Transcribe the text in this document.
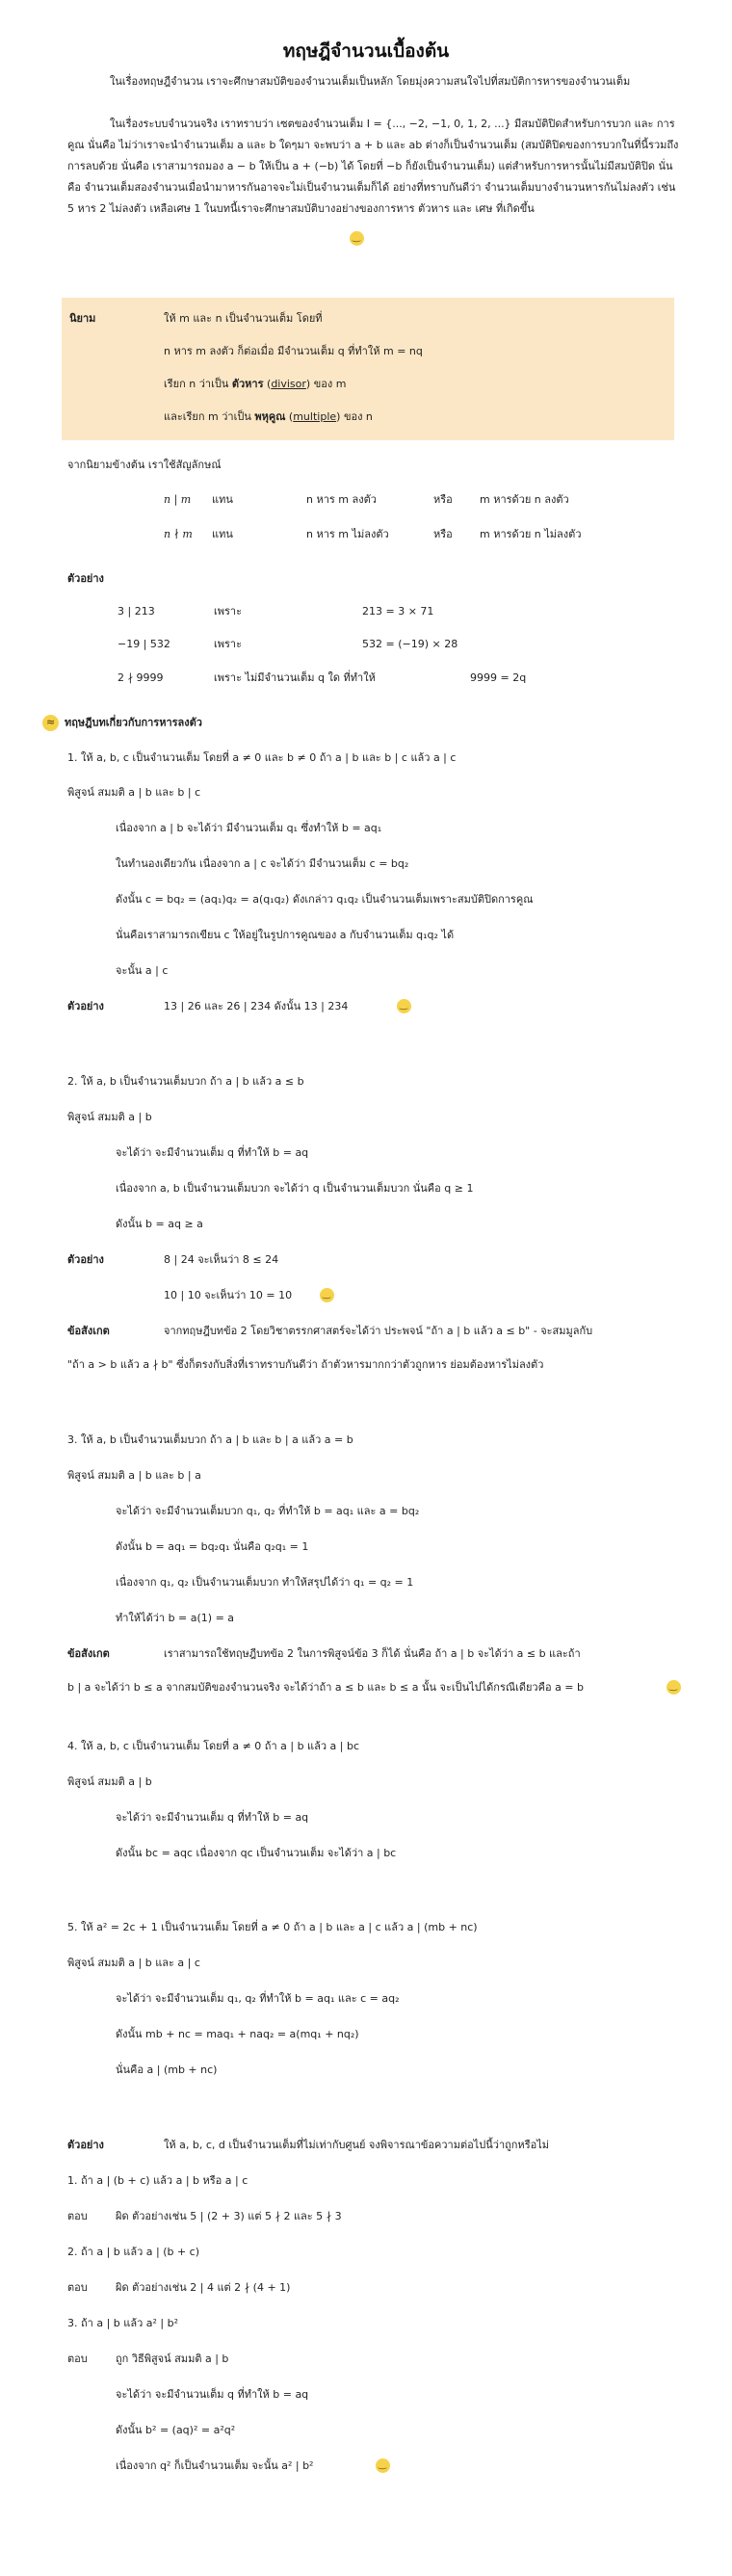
ทฤษฎีจำนวนเบื้องต้น
ในเรื่องทฤษฎีจำนวน เราจะศึกษาสมบัติของจำนวนเต็มเป็นหลัก โดยมุ่งความสนใจไปที่สมบัติการหารของจำนวนเต็ม
ในเรื่องระบบจำนวนจริง เราทราบว่า เซตของจำนวนเต็ม I = {..., −2, −1, 0, 1, 2, ...} มีสมบัติปิดสำหรับการบวก และ การคูณ นั่นคือ ไม่ว่าเราจะนำจำนวนเต็ม a และ b ใดๆมา จะพบว่า a + b และ ab ต่างก็เป็นจำนวนเต็ม (สมบัติปิดของการบวกในที่นี้รวมถึงการลบด้วย นั่นคือ เราสามารถมอง a − b ให้เป็น a + (−b) ได้ โดยที่ −b ก็ยังเป็นจำนวนเต็ม) แต่สำหรับการหารนั้นไม่มีสมบัติปิด นั่นคือ จำนวนเต็มสองจำนวนเมื่อนำมาหารกันอาจจะไม่เป็นจำนวนเต็มก็ได้ อย่างที่ทราบกันดีว่า จำนวนเต็มบางจำนวนหารกันไม่ลงตัว เช่น 5 หาร 2 ไม่ลงตัว เหลือเศษ 1 ในบทนี้เราจะศึกษาสมบัติบางอย่างของการหาร ตัวหาร และ เศษ ที่เกิดขึ้น
‿
นิยาม	ให้ m และ n เป็นจำนวนเต็ม โดยที่
n หาร m ลงตัว ก็ต่อเมื่อ มีจำนวนเต็ม q ที่ทำให้ m = nq
เรียก n ว่าเป็น ตัวหาร (divisor) ของ m
และเรียก m ว่าเป็น พหุคูณ (multiple) ของ n
จากนิยามข้างต้น เราใช้สัญลักษณ์
n | m แทน	n หาร m ลงตัว	หรือ	m หารด้วย n ลงตัว
n ∤ m แทน	n หาร m ไม่ลงตัว	หรือ	m หารด้วย n ไม่ลงตัว
ตัวอย่าง
3 | 213	เพราะ	213 = 3 × 71
−19 | 532	เพราะ	532 = (−19) × 28
2 ∤ 9999	เพราะ ไม่มีจำนวนเต็ม q ใด ที่ทำให้	9999 = 2q
≈ทฤษฎีบทเกี่ยวกับการหารลงตัว
1. ให้ a, b, c เป็นจำนวนเต็ม โดยที่ a ≠ 0 และ b ≠ 0 ถ้า a | b และ b | c แล้ว a | c
พิสูจน์ สมมติ a | b และ b | c
เนื่องจาก a | b จะได้ว่า มีจำนวนเต็ม q₁ ซึ่งทำให้ b = aq₁
ในทำนองเดียวกัน เนื่องจาก a | c จะได้ว่า มีจำนวนเต็ม c = bq₂
ดังนั้น c = bq₂ = (aq₁)q₂ = a(q₁q₂) ดังเกล่าว q₁q₂ เป็นจำนวนเต็มเพราะสมบัติปิดการคูณ
นั่นคือเราสามารถเขียน c ให้อยู่ในรูปการคูณของ a กับจำนวนเต็ม q₁q₂ ได้
จะนั้น a | c
ตัวอย่าง	13 | 26 และ 26 | 234 ดังนั้น 13 | 234
‿
2. ให้ a, b เป็นจำนวนเต็มบวก ถ้า a | b แล้ว a ≤ b
พิสูจน์ สมมติ a | b
จะได้ว่า จะมีจำนวนเต็ม q ที่ทำให้ b = aq
เนื่องจาก a, b เป็นจำนวนเต็มบวก จะได้ว่า q เป็นจำนวนเต็มบวก นั่นคือ q ≥ 1
ดังนั้น b = aq ≥ a
ตัวอย่าง	8 | 24 จะเห็นว่า 8 ≤ 24
10 | 10 จะเห็นว่า 10 = 10
‿
ข้อสังเกต	จากทฤษฎีบทข้อ 2 โดยวิชาตรรกศาสตร์จะได้ว่า ประพจน์ "ถ้า a | b แล้ว a ≤ b" - จะสมมูลกับ
"ถ้า a > b แล้ว a ∤ b" ซึ่งก็ตรงกับสิ่งที่เราทราบกันดีว่า ถ้าตัวหารมากกว่าตัวถูกหาร ย่อมต้องหารไม่ลงตัว
3. ให้ a, b เป็นจำนวนเต็มบวก ถ้า a | b และ b | a แล้ว a = b
พิสูจน์ สมมติ a | b และ b | a
จะได้ว่า จะมีจำนวนเต็มบวก q₁, q₂ ที่ทำให้ b = aq₁ และ a = bq₂
ดังนั้น b = aq₁ = bq₂q₁ นั่นคือ q₂q₁ = 1
เนื่องจาก q₁, q₂ เป็นจำนวนเต็มบวก ทำให้สรุปได้ว่า q₁ = q₂ = 1
ทำให้ได้ว่า b = a(1) = a
ข้อสังเกต	เราสามารถใช้ทฤษฎีบทข้อ 2 ในการพิสูจน์ข้อ 3 ก็ได้ นั่นคือ ถ้า a | b จะได้ว่า a ≤ b และถ้า
b | a จะได้ว่า b ≤ a จากสมบัติของจำนวนจริง จะได้ว่าถ้า a ≤ b และ b ≤ a นั้น จะเป็นไปได้กรณีเดียวคือ a = b
‿
4. ให้ a, b, c เป็นจำนวนเต็ม โดยที่ a ≠ 0 ถ้า a | b แล้ว a | bc
พิสูจน์ สมมติ a | b
จะได้ว่า จะมีจำนวนเต็ม q ที่ทำให้ b = aq
ดังนั้น bc = aqc เนื่องจาก qc เป็นจำนวนเต็ม จะได้ว่า a | bc
5. ให้ a² = 2c + 1 เป็นจำนวนเต็ม โดยที่ a ≠ 0 ถ้า a | b และ a | c แล้ว a | (mb + nc)
พิสูจน์ สมมติ a | b และ a | c
จะได้ว่า จะมีจำนวนเต็ม q₁, q₂ ที่ทำให้ b = aq₁ และ c = aq₂
ดังนั้น mb + nc = maq₁ + naq₂ = a(mq₁ + nq₂)
นั่นคือ a | (mb + nc)
ตัวอย่าง	ให้ a, b, c, d เป็นจำนวนเต็มที่ไม่เท่ากับศูนย์ จงพิจารณาข้อความต่อไปนี้ว่าถูกหรือไม่
1. ถ้า a | (b + c) แล้ว a | b หรือ a | c
ตอบ	ผิด ตัวอย่างเช่น 5 | (2 + 3) แต่ 5 ∤ 2 และ 5 ∤ 3
2. ถ้า a | b แล้ว a | (b + c)
ตอบ	ผิด ตัวอย่างเช่น 2 | 4 แต่ 2 ∤ (4 + 1)
3. ถ้า a | b แล้ว a² | b²
ตอบ	ถูก วิธีพิสูจน์ สมมติ a | b
จะได้ว่า จะมีจำนวนเต็ม q ที่ทำให้ b = aq
ดังนั้น b² = (aq)² = a²q²
เนื่องจาก q² ก็เป็นจำนวนเต็ม จะนั้น a² | b²
‿
